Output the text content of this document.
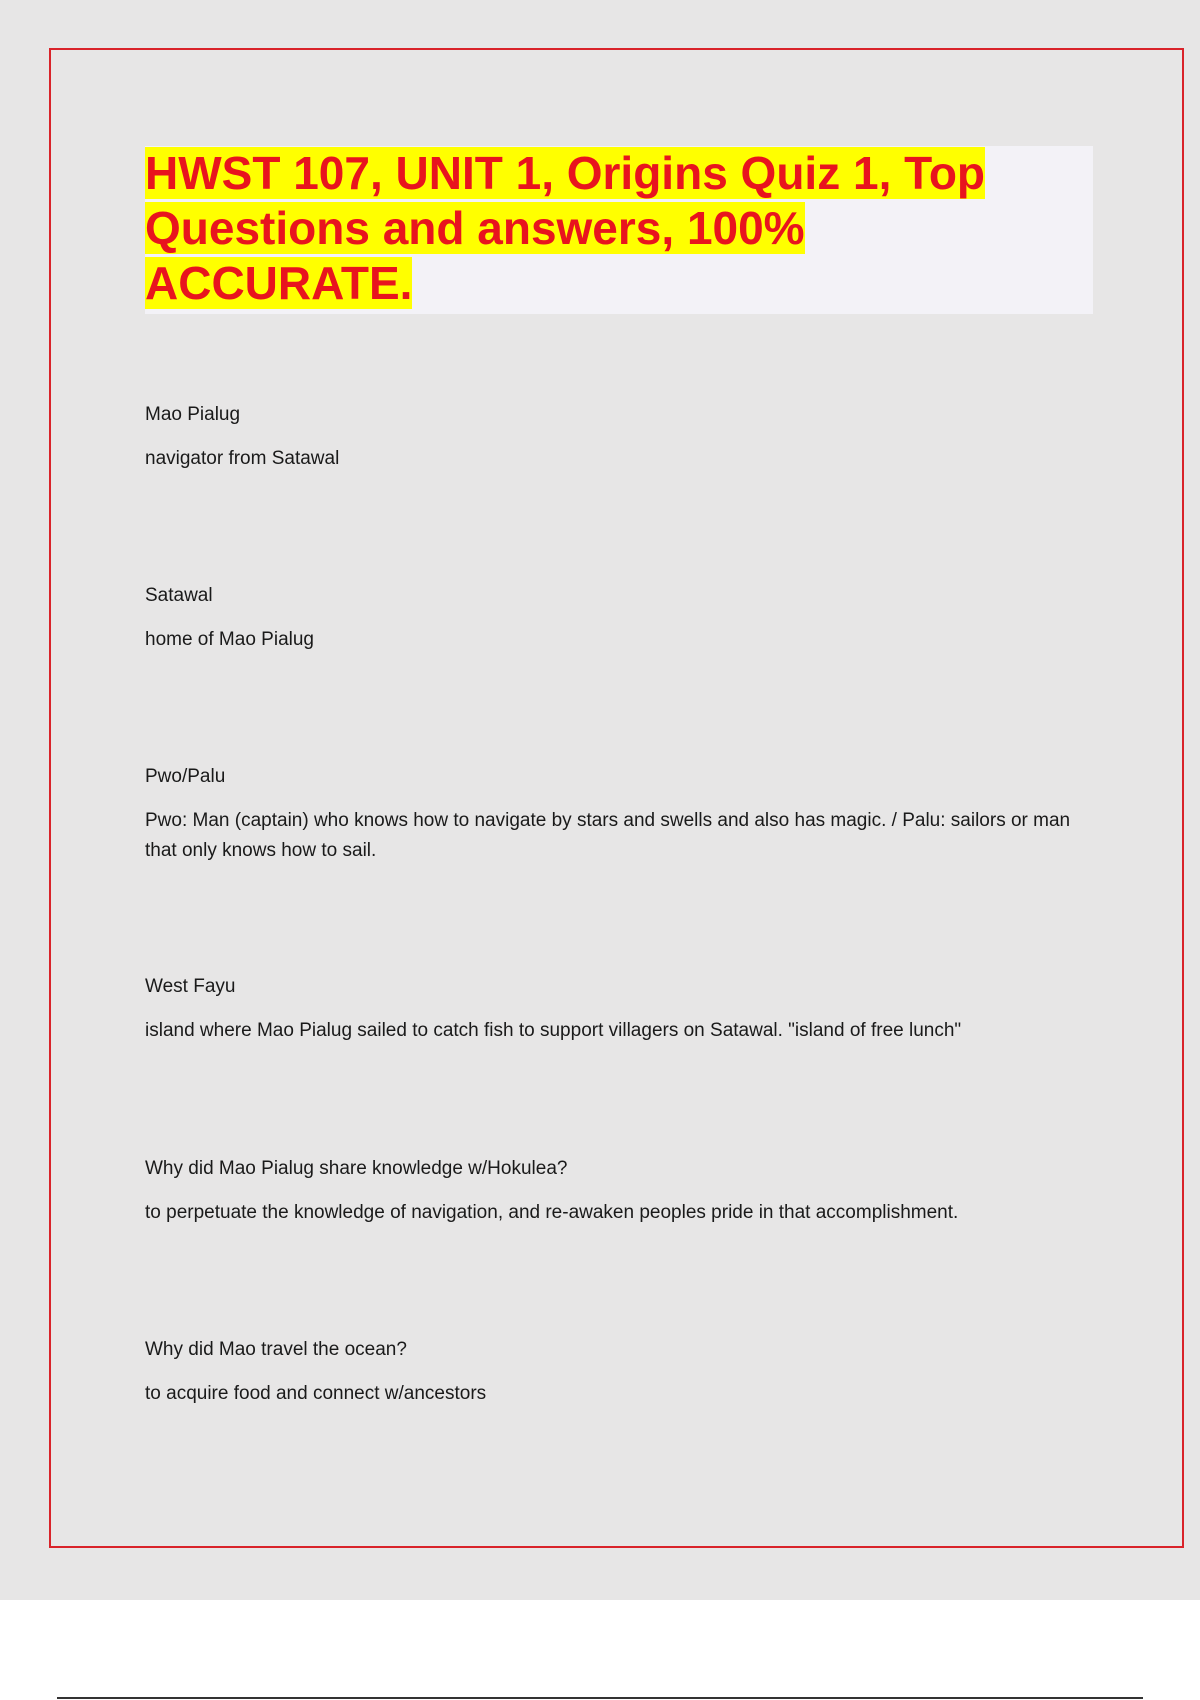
HWST 107, UNIT 1, Origins Quiz 1, Top
Questions and answers, 100%
ACCURATE.

Mao Pialug

navigator from Satawal

Satawal

home of Mao Pialug

Pwo/Palu

Pwo: Man (captain) who knows how to navigate by stars and swells and also has magic. / Palu: sailors or man that only knows how to sail.

West Fayu

island where Mao Pialug sailed to catch fish to support villagers on Satawal. "island of free lunch"

Why did Mao Pialug share knowledge w/Hokulea?

to perpetuate the knowledge of navigation, and re-awaken peoples pride in that accomplishment.

Why did Mao travel the ocean?

to acquire food and connect w/ancestors
